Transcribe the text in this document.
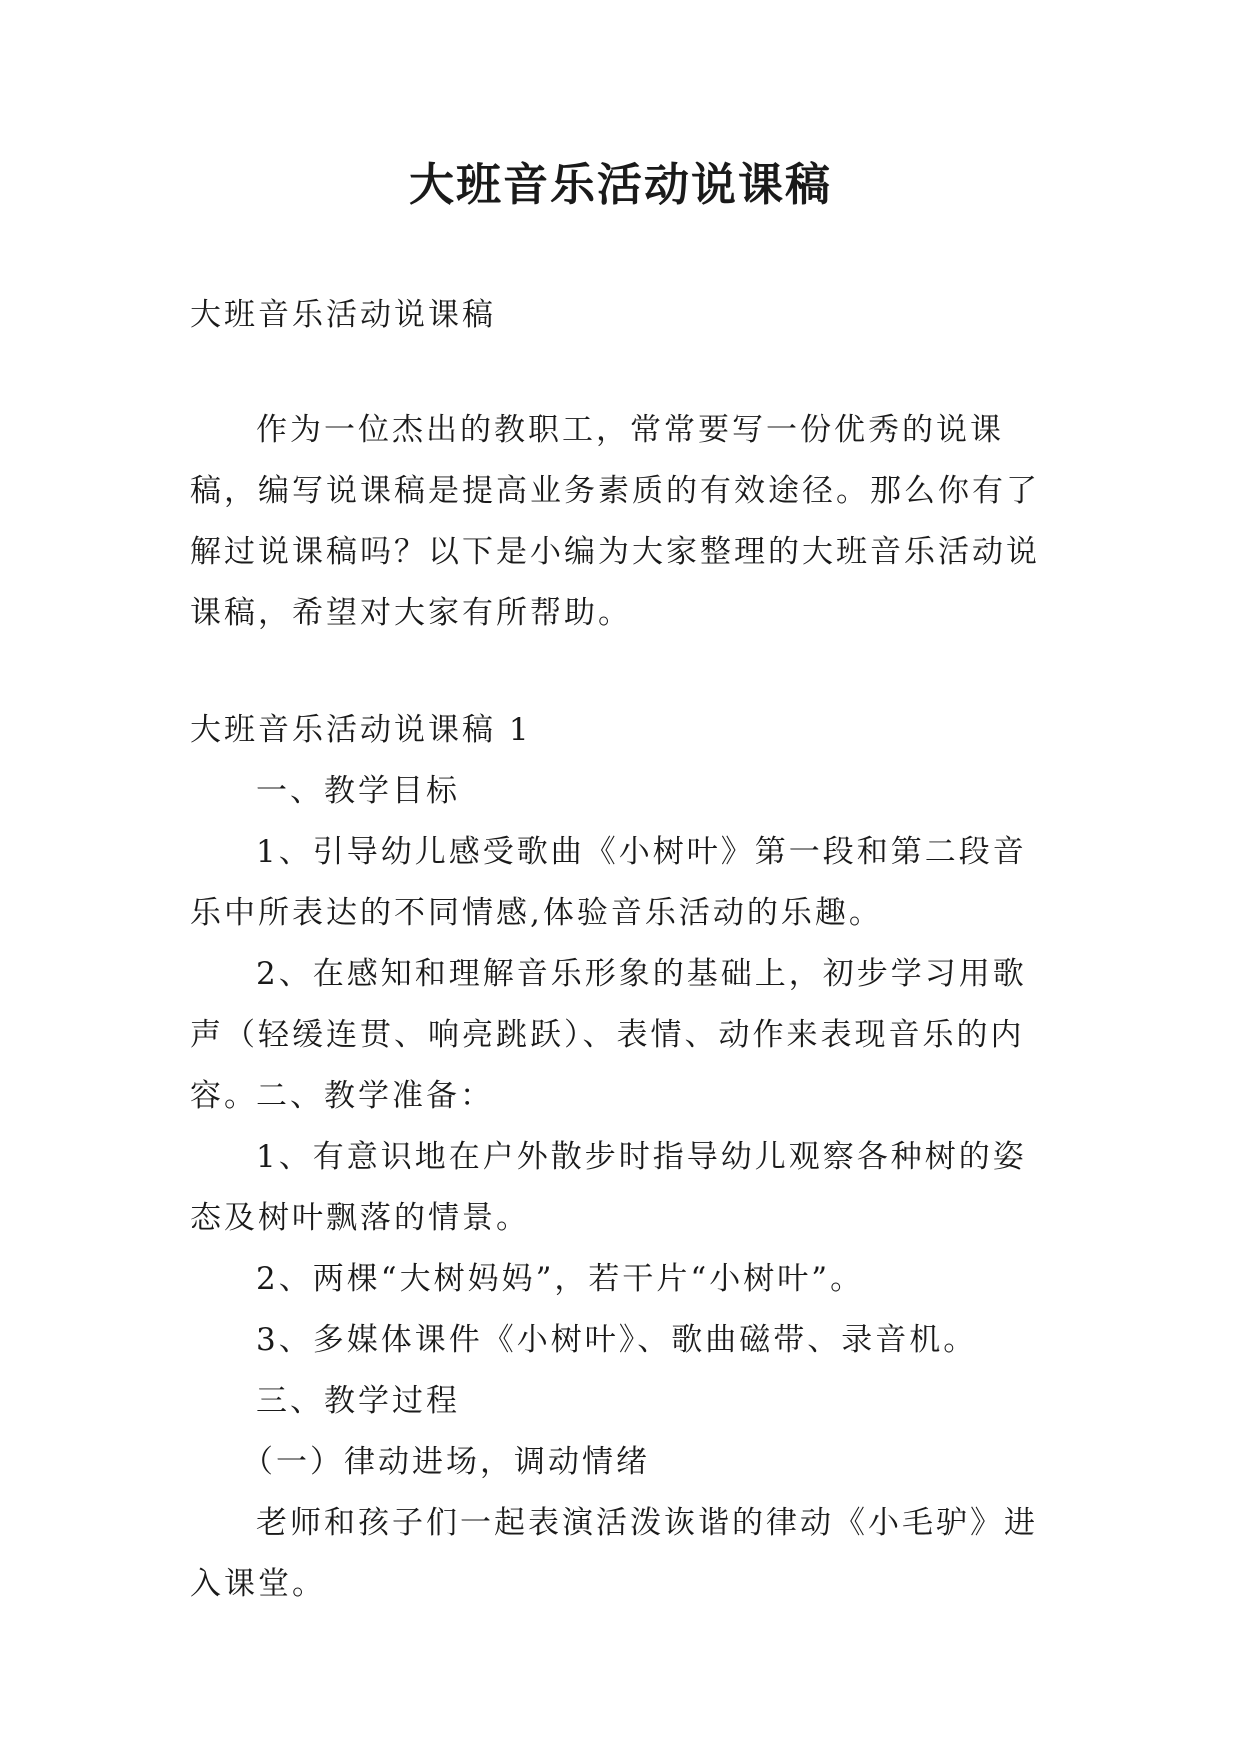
大班音乐活动说课稿

大班音乐活动说课稿

作为一位杰出的教职工，常常要写一份优秀的说课稿，编写说课稿是提高业务素质的有效途径。那么你有了解过说课稿吗？以下是小编为大家整理的大班音乐活动说课稿，希望对大家有所帮助。

大班音乐活动说课稿 1

一、教学目标

1、引导幼儿感受歌曲《小树叶》第一段和第二段音乐中所表达的不同情感,体验音乐活动的乐趣。

2、在感知和理解音乐形象的基础上，初步学习用歌声（轻缓连贯、响亮跳跃）、表情、动作来表现音乐的内容。

二、教学准备：

1、有意识地在户外散步时指导幼儿观察各种树的姿态及树叶飘落的情景。

2、两棵“大树妈妈”，若干片“小树叶”。

3、多媒体课件《小树叶》、歌曲磁带、录音机。

三、教学过程

（一）律动进场，调动情绪

老师和孩子们一起表演活泼诙谐的律动《小毛驴》进入课堂。
